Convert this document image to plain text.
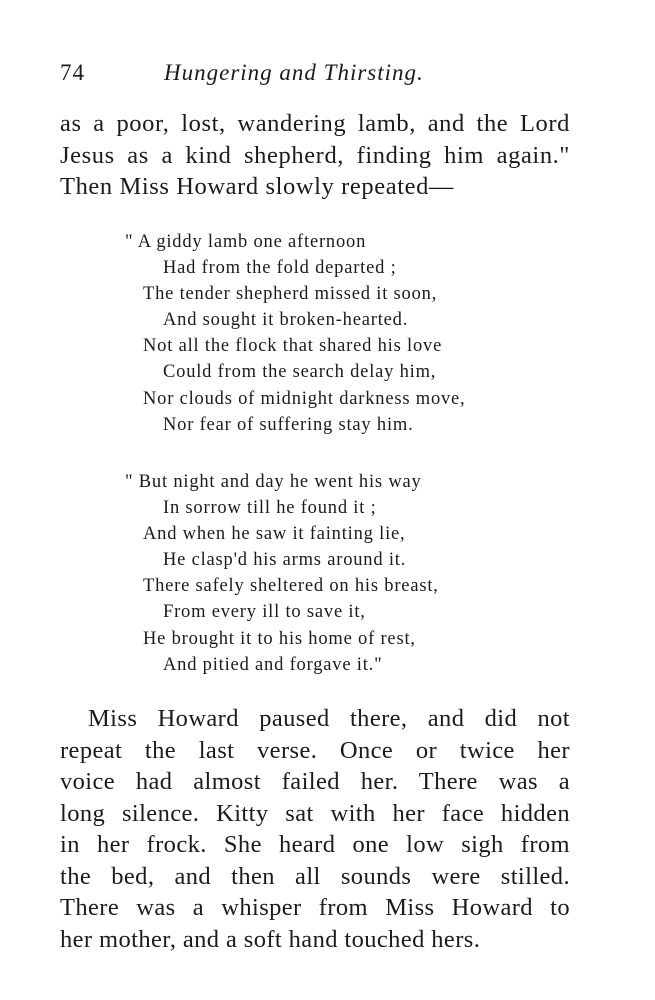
74	Hungering and Thirsting.
as a poor, lost, wandering lamb, and the Lord
Jesus as a kind shepherd, finding him again."
Then Miss Howard slowly repeated—
" A giddy lamb one afternoon
Had from the fold departed ;
The tender shepherd missed it soon,
And sought it broken-hearted.
Not all the flock that shared his love
Could from the search delay him,
Nor clouds of midnight darkness move,
Nor fear of suffering stay him.
" But night and day he went his way
In sorrow till he found it ;
And when he saw it fainting lie,
He clasp'd his arms around it.
There safely sheltered on his breast,
From every ill to save it,
He brought it to his home of rest,
And pitied and forgave it."
Miss Howard paused there, and did not
repeat the last verse. Once or twice her
voice had almost failed her. There was a
long silence. Kitty sat with her face hidden
in her frock. She heard one low sigh from
the bed, and then all sounds were stilled.
There was a whisper from Miss Howard to
her mother, and a soft hand touched hers.
